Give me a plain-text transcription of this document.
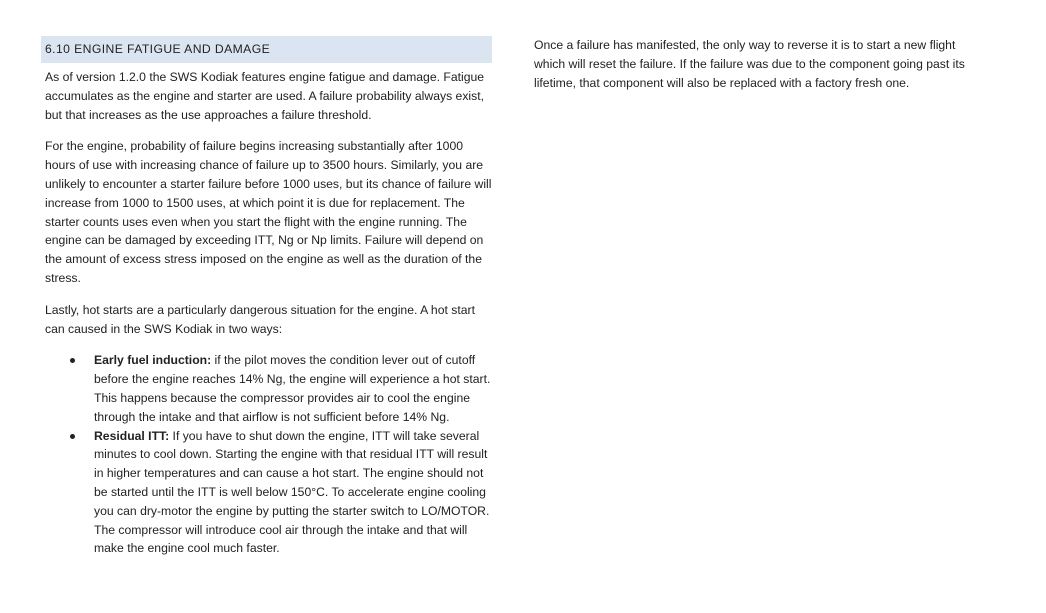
6.10 ENGINE FATIGUE AND DAMAGE

As of version 1.2.0 the SWS Kodiak features engine fatigue and damage. Fatigue accumulates as the engine and starter are used. A failure probability always exist, but that increases as the use approaches a failure threshold.

For the engine, probability of failure begins increasing substantially after 1000 hours of use with increasing chance of failure up to 3500 hours. Similarly, you are unlikely to encounter a starter failure before 1000 uses, but its chance of failure will increase from 1000 to 1500 uses, at which point it is due for replacement. The starter counts uses even when you start the flight with the engine running. The engine can be damaged by exceeding ITT, Ng or Np limits. Failure will depend on the amount of excess stress imposed on the engine as well as the duration of the stress.

Lastly, hot starts are a particularly dangerous situation for the engine. A hot start can caused in the SWS Kodiak in two ways:

Early fuel induction: if the pilot moves the condition lever out of cutoff before the engine reaches 14% Ng, the engine will experience a hot start. This happens because the compressor provides air to cool the engine through the intake and that airflow is not sufficient before 14% Ng.
Residual ITT: If you have to shut down the engine, ITT will take several minutes to cool down. Starting the engine with that residual ITT will result in higher temperatures and can cause a hot start. The engine should not be started until the ITT is well below 150°C. To accelerate engine cooling you can dry-motor the engine by putting the starter switch to LO/MOTOR. The compressor will introduce cool air through the intake and that will make the engine cool much faster.

Once a failure has manifested, the only way to reverse it is to start a new flight which will reset the failure. If the failure was due to the component going past its lifetime, that component will also be replaced with a factory fresh one.
